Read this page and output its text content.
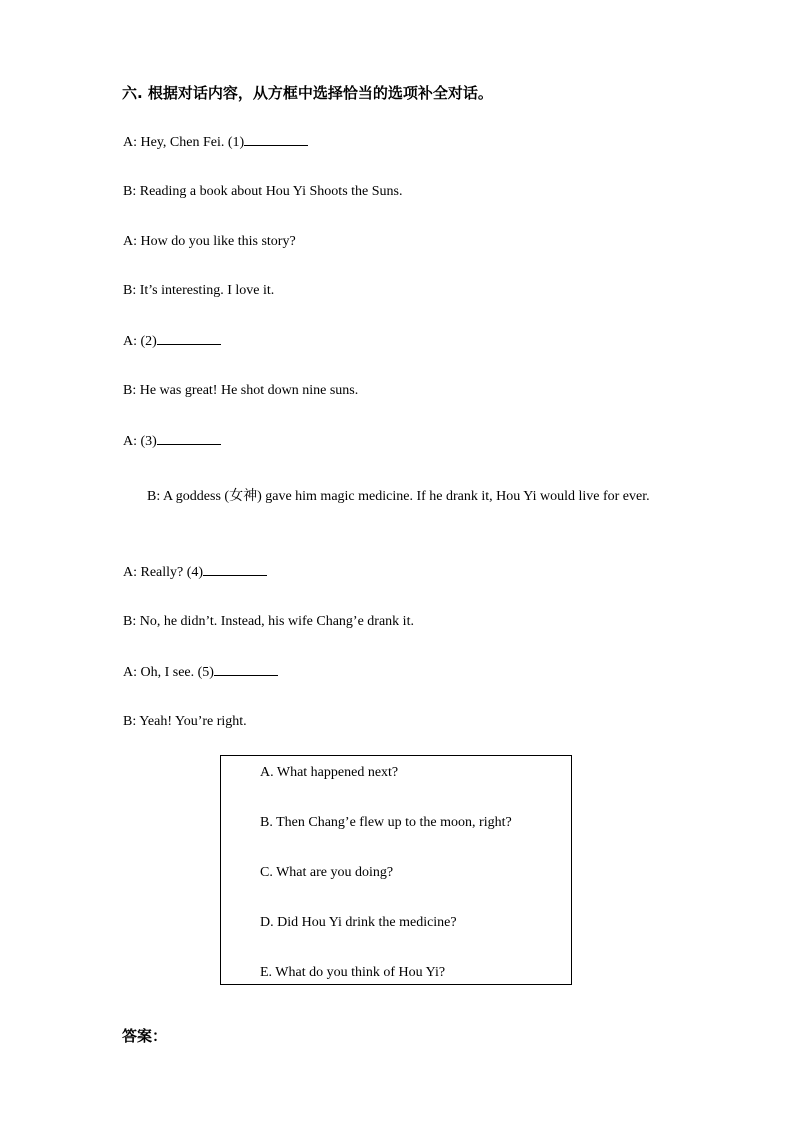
六. 根据对话内容，从方框中选择恰当的选项补全对话。
A: Hey, Chen Fei. (1)
B: Reading a book about Hou Yi Shoots the Suns.
A: How do you like this story?
B: It’s interesting. I love it.
A: (2)
B: He was great! He shot down nine suns.
A: (3)
B: A goddess (女神) gave him magic medicine. If he drank it, Hou Yi would live for ever.
A: Really? (4)
B: No, he didn’t. Instead, his wife Chang’e drank it.
A: Oh, I see. (5)
B: Yeah! You’re right.
A. What happened next?
B. Then Chang’e flew up to the moon, right?
C. What are you doing?
D. Did Hou Yi drink the medicine?
E. What do you think of Hou Yi?
答案：
